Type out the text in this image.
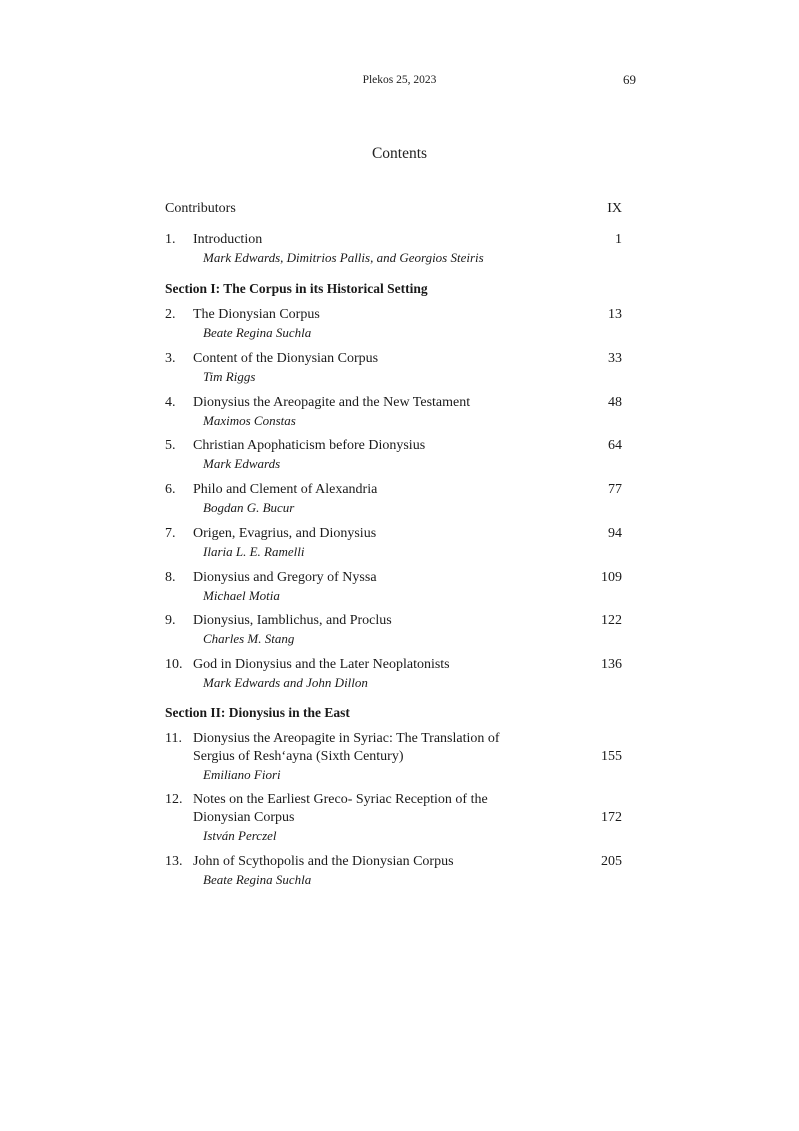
Plekos 25, 2023	69
Contents
Contributors	IX
1. Introduction	1
Mark Edwards, Dimitrios Pallis, and Georgios Steiris
Section I: The Corpus in its Historical Setting
2. The Dionysian Corpus	13
Beate Regina Suchla
3. Content of the Dionysian Corpus	33
Tim Riggs
4. Dionysius the Areopagite and the New Testament	48
Maximos Constas
5. Christian Apophaticism before Dionysius	64
Mark Edwards
6. Philo and Clement of Alexandria	77
Bogdan G. Bucur
7. Origen, Evagrius, and Dionysius	94
Ilaria L. E. Ramelli
8. Dionysius and Gregory of Nyssa	109
Michael Motia
9. Dionysius, Iamblichus, and Proclus	122
Charles M. Stang
10. God in Dionysius and the Later Neoplatonists	136
Mark Edwards and John Dillon
Section II: Dionysius in the East
11. Dionysius the Areopagite in Syriac: The Translation of
Sergius of Resh‘ayna (Sixth Century)	155
Emiliano Fiori
12. Notes on the Earliest Greco- Syriac Reception of the
Dionysian Corpus	172
István Perczel
13. John of Scythopolis and the Dionysian Corpus	205
Beate Regina Suchla
